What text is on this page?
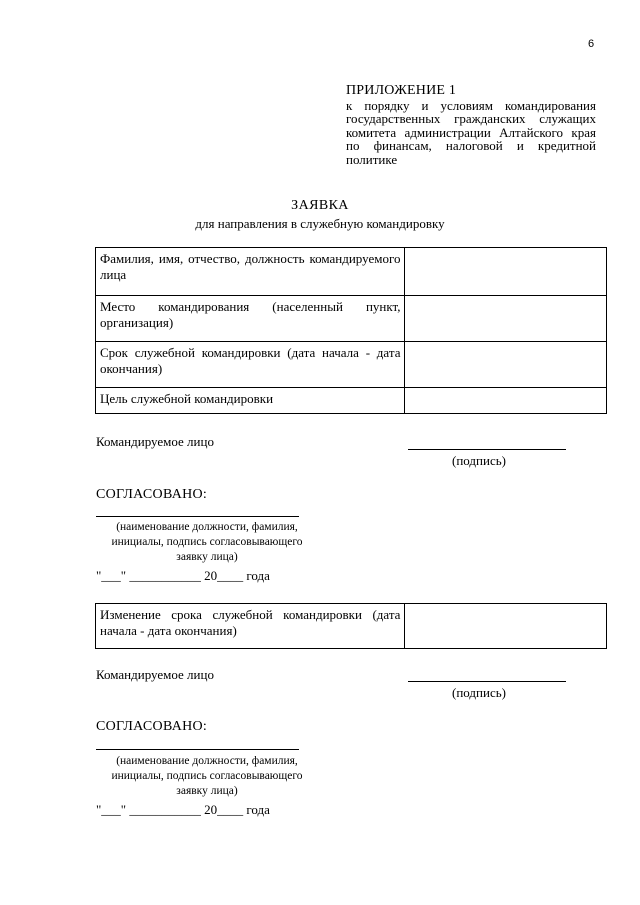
6
ПРИЛОЖЕНИЕ 1
к порядку и условиям командирования государственных гражданских служащих комитета администрации Алтайского края по финансам, налоговой и кредитной политике
ЗАЯВКА
для направления в служебную командировку
Фамилия, имя, отчество, должность командируемого лица	
Место командирования (населенный пункт, организация)	
Срок служебной командировки (дата начала - дата окончания)	
Цель служебной командировки	
Командируемое лицо
(подпись)
СОГЛАСОВАНО:
(наименование должности, фамилия, инициалы, подпись согласовывающего заявку лица)
"___" ___________ 20____ года
Изменение срока служебной командировки (дата начала - дата окончания)	
Командируемое лицо
(подпись)
СОГЛАСОВАНО:
(наименование должности, фамилия, инициалы, подпись согласовывающего заявку лица)
"___" ___________ 20____ года
